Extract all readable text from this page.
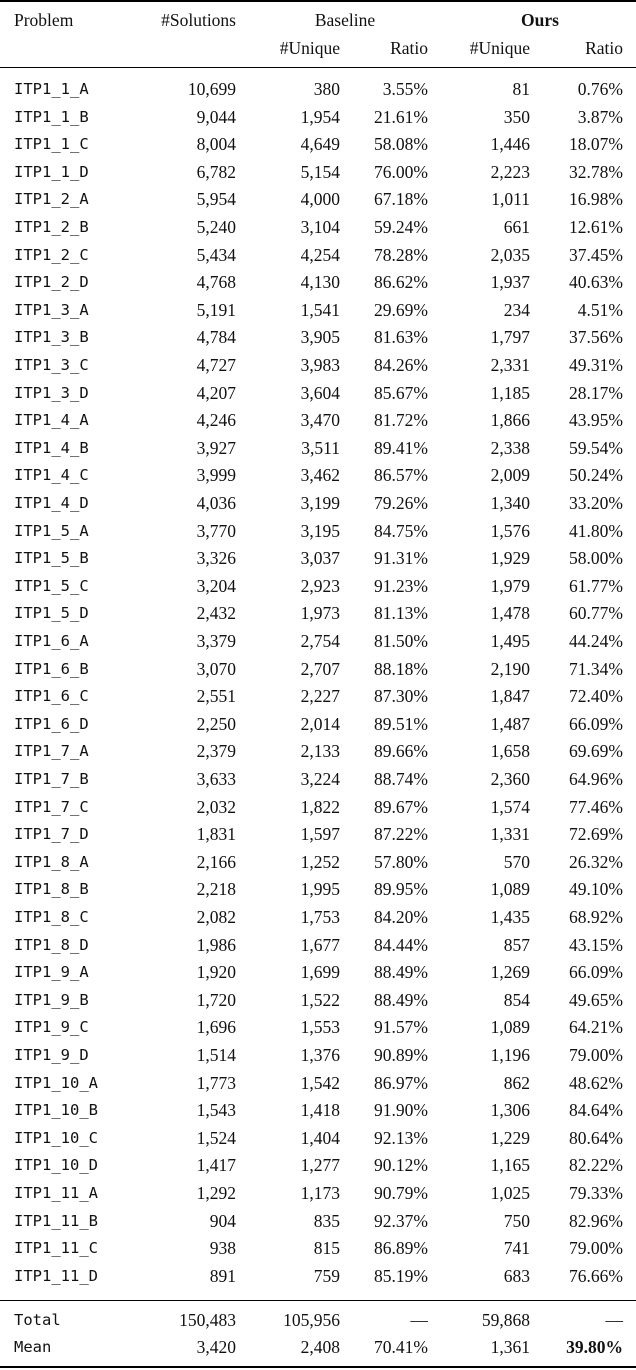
Problem	#Solutions	Baseline	Ours
#Unique	Ratio	#Unique	Ratio
ITP1_1_A	10,699	380	3.55%	81	0.76%
ITP1_1_B	9,044	1,954	21.61%	350	3.87%
ITP1_1_C	8,004	4,649	58.08%	1,446	18.07%
ITP1_1_D	6,782	5,154	76.00%	2,223	32.78%
ITP1_2_A	5,954	4,000	67.18%	1,011	16.98%
ITP1_2_B	5,240	3,104	59.24%	661	12.61%
ITP1_2_C	5,434	4,254	78.28%	2,035	37.45%
ITP1_2_D	4,768	4,130	86.62%	1,937	40.63%
ITP1_3_A	5,191	1,541	29.69%	234	4.51%
ITP1_3_B	4,784	3,905	81.63%	1,797	37.56%
ITP1_3_C	4,727	3,983	84.26%	2,331	49.31%
ITP1_3_D	4,207	3,604	85.67%	1,185	28.17%
ITP1_4_A	4,246	3,470	81.72%	1,866	43.95%
ITP1_4_B	3,927	3,511	89.41%	2,338	59.54%
ITP1_4_C	3,999	3,462	86.57%	2,009	50.24%
ITP1_4_D	4,036	3,199	79.26%	1,340	33.20%
ITP1_5_A	3,770	3,195	84.75%	1,576	41.80%
ITP1_5_B	3,326	3,037	91.31%	1,929	58.00%
ITP1_5_C	3,204	2,923	91.23%	1,979	61.77%
ITP1_5_D	2,432	1,973	81.13%	1,478	60.77%
ITP1_6_A	3,379	2,754	81.50%	1,495	44.24%
ITP1_6_B	3,070	2,707	88.18%	2,190	71.34%
ITP1_6_C	2,551	2,227	87.30%	1,847	72.40%
ITP1_6_D	2,250	2,014	89.51%	1,487	66.09%
ITP1_7_A	2,379	2,133	89.66%	1,658	69.69%
ITP1_7_B	3,633	3,224	88.74%	2,360	64.96%
ITP1_7_C	2,032	1,822	89.67%	1,574	77.46%
ITP1_7_D	1,831	1,597	87.22%	1,331	72.69%
ITP1_8_A	2,166	1,252	57.80%	570	26.32%
ITP1_8_B	2,218	1,995	89.95%	1,089	49.10%
ITP1_8_C	2,082	1,753	84.20%	1,435	68.92%
ITP1_8_D	1,986	1,677	84.44%	857	43.15%
ITP1_9_A	1,920	1,699	88.49%	1,269	66.09%
ITP1_9_B	1,720	1,522	88.49%	854	49.65%
ITP1_9_C	1,696	1,553	91.57%	1,089	64.21%
ITP1_9_D	1,514	1,376	90.89%	1,196	79.00%
ITP1_10_A	1,773	1,542	86.97%	862	48.62%
ITP1_10_B	1,543	1,418	91.90%	1,306	84.64%
ITP1_10_C	1,524	1,404	92.13%	1,229	80.64%
ITP1_10_D	1,417	1,277	90.12%	1,165	82.22%
ITP1_11_A	1,292	1,173	90.79%	1,025	79.33%
ITP1_11_B	904	835	92.37%	750	82.96%
ITP1_11_C	938	815	86.89%	741	79.00%
ITP1_11_D	891	759	85.19%	683	76.66%
Total	150,483	105,956	—	59,868	—
Mean	3,420	2,408	70.41%	1,361	39.80%
